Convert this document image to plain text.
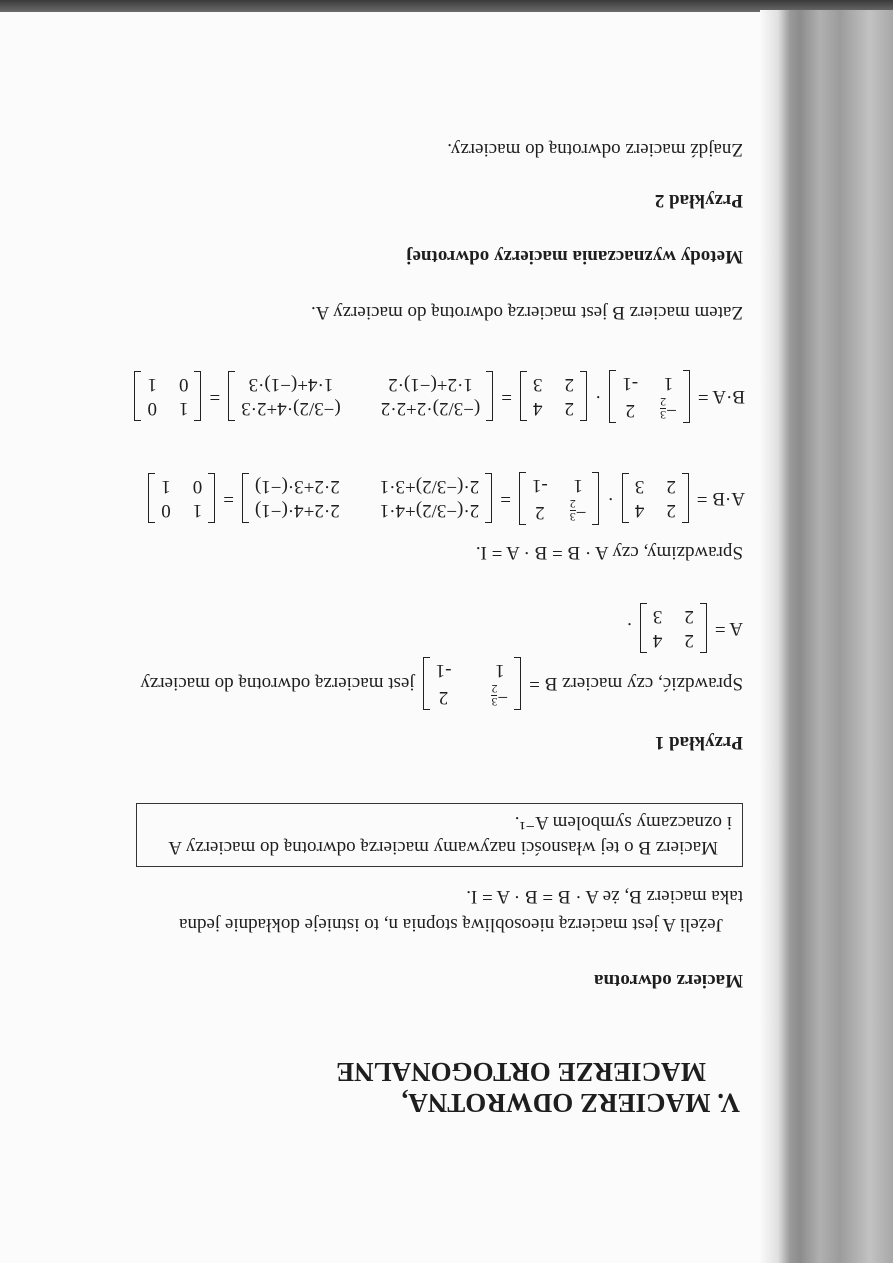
V. MACIERZ ODWROTNA,
MACIERZE ORTOGONALNE
Macierz odwrotna
Jeżeli A jest macierzą nieosobliwą stopnia n, to istnieje dokładnie jedna
taka macierz B, że A · B = B · A = I.
Macierz B o tej własności nazywamy macierzą odwrotną do macierzy A
i oznaczamy symbolem A⁻¹.
Przykład 1
Sprawdzić, czy macierz B =
−
3
2
2
1
-1
jest macierzą odwrotną do macierzy
A =
2
4
2
3
.
Sprawdzimy, czy A · B = B · A = I.
A·B =
2
4
2
3
·
−
3
2
2
1
-1
=
2·(−3/2)+4·1
2·2+4·(−1)
2·(−3/2)+3·1
2·2+3·(−1)
=
1
0
0
1
B·A =
−
3
2
2
1
-1
·
2
4
2
3
=
(−3/2)·2+2·2
(−3/2)·4+2·3
1·2+(−1)·2
1·4+(−1)·3
=
1
0
0
1
Zatem macierz B jest macierzą odwrotną do macierzy A.
Metody wyznaczania macierzy odwrotnej
Przykład 2
Znajdź macierz odwrotną do macierzy.
